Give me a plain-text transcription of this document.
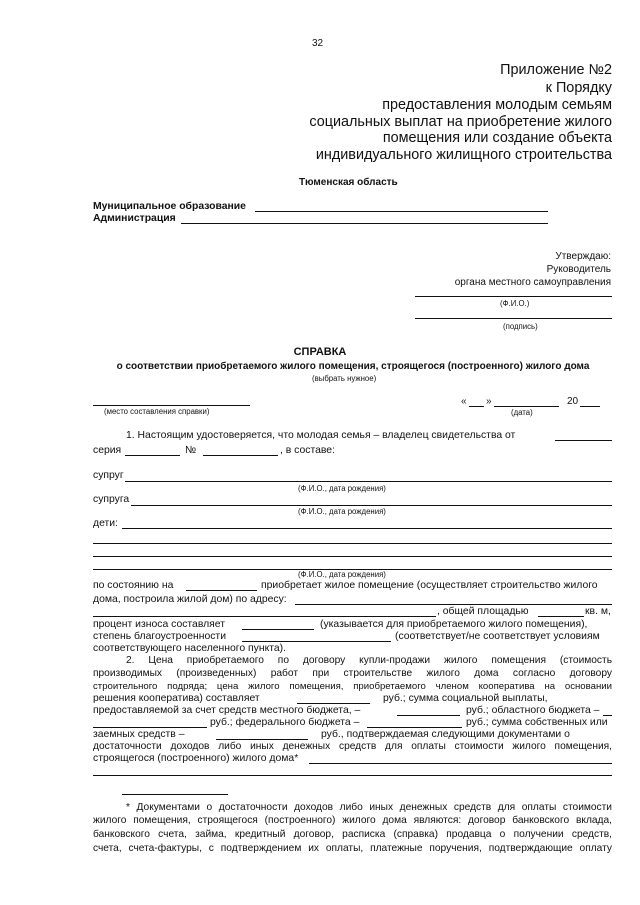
32
Приложение №2
к Порядку
предоставления молодым семьям
социальных выплат на приобретение жилого
помещения или создание объекта
индивидуального жилищного строительства
Тюменская область
Муниципальное образование
Администрация
Утверждаю:
Руководитель
органа местного самоуправления
(Ф.И.О.)
(подпись)
СПРАВКА
о соответствии приобретаемого жилого помещения, строящегося (построенного) жилого дома
(выбрать нужное)
(место составления справки)
« »	20
(дата)
1. Настоящим удостоверяется, что молодая семья – владелец свидетельства от
серия	№	, в составе:
супруг
(Ф.И.О., дата рождения)
супруга
(Ф.И.О., дата рождения)
дети:
(Ф.И.О., дата рождения)
по состоянию на	приобретает жилое помещение (осуществляет строительство жилого
дома, построила жилой дом) по адресу:
, общей площадью	кв. м,
процент износа составляет	(указывается для приобретаемого жилого помещения),
степень благоустроенности	(соответствует/не соответствует условиям
соответствующего населенного пункта).
2. Цена приобретаемого по договору купли-продажи жилого помещения (стоимость
производимых (произведенных) работ при строительстве жилого дома согласно договору
строительного подряда; цена жилого помещения, приобретаемого членом кооператива на основании
решения кооператива) составляет	руб.; сумма социальной выплаты,
предоставляемой за счет средств местного бюджета, –	руб.; областного бюджета –
руб.; федерального бюджета –	руб.; сумма собственных или
заемных средств –	руб., подтверждаемая следующими документами о
достаточности доходов либо иных денежных средств для оплаты стоимости жилого помещения,
строящегося (построенного) жилого дома*
* Документами о достаточности доходов либо иных денежных средств для оплаты стоимости
жилого помещения, строящегося (построенного) жилого дома являются: договор банковского вклада,
банковского счета, займа, кредитный договор, расписка (справка) продавца о получении средств,
счета, счета-фактуры, с подтверждением их оплаты, платежные поручения, подтверждающие оплату
